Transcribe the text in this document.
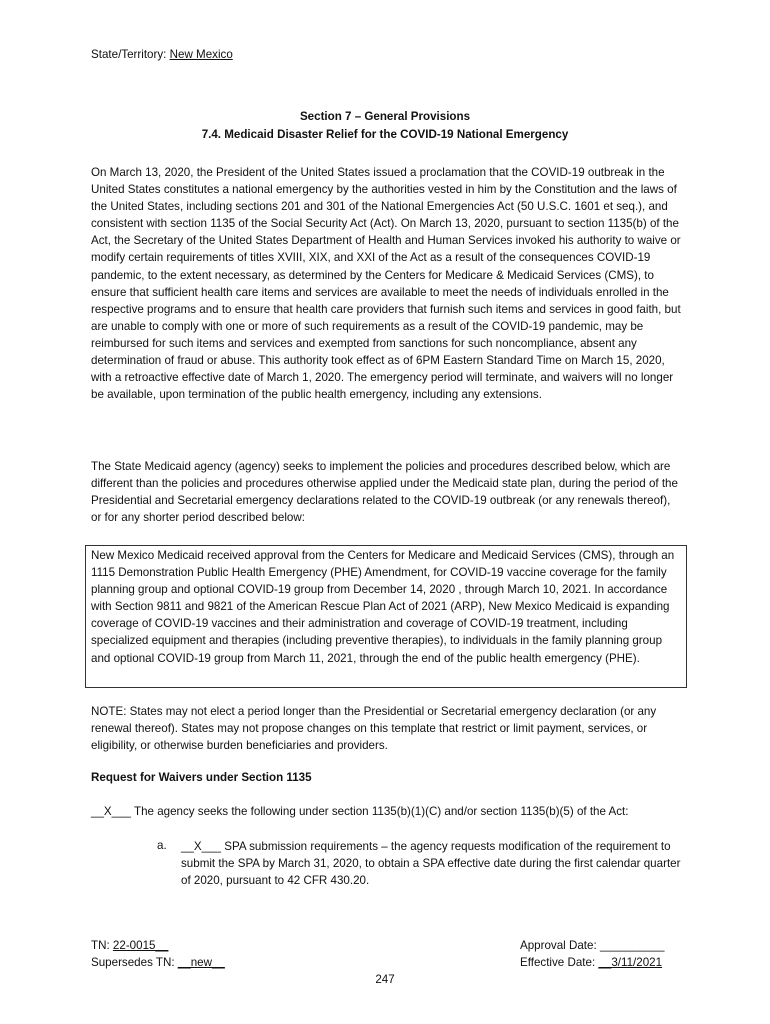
State/Territory: New Mexico
Section 7 – General Provisions
7.4. Medicaid Disaster Relief for the COVID-19 National Emergency
On March 13, 2020, the President of the United States issued a proclamation that the COVID-19 outbreak in the United States constitutes a national emergency by the authorities vested in him by the Constitution and the laws of the United States, including sections 201 and 301 of the National Emergencies Act (50 U.S.C. 1601 et seq.), and consistent with section 1135 of the Social Security Act (Act). On March 13, 2020, pursuant to section 1135(b) of the Act, the Secretary of the United States Department of Health and Human Services invoked his authority to waive or modify certain requirements of titles XVIII, XIX, and XXI of the Act as a result of the consequences COVID-19 pandemic, to the extent necessary, as determined by the Centers for Medicare & Medicaid Services (CMS), to ensure that sufficient health care items and services are available to meet the needs of individuals enrolled in the respective programs and to ensure that health care providers that furnish such items and services in good faith, but are unable to comply with one or more of such requirements as a result of the COVID-19 pandemic, may be reimbursed for such items and services and exempted from sanctions for such noncompliance, absent any determination of fraud or abuse. This authority took effect as of 6PM Eastern Standard Time on March 15, 2020, with a retroactive effective date of March 1, 2020. The emergency period will terminate, and waivers will no longer be available, upon termination of the public health emergency, including any extensions.
The State Medicaid agency (agency) seeks to implement the policies and procedures described below, which are different than the policies and procedures otherwise applied under the Medicaid state plan, during the period of the Presidential and Secretarial emergency declarations related to the COVID-19 outbreak (or any renewals thereof), or for any shorter period described below:
New Mexico Medicaid received approval from the Centers for Medicare and Medicaid Services (CMS), through an 1115 Demonstration Public Health Emergency (PHE) Amendment, for COVID-19 vaccine coverage for the family planning group and optional COVID-19 group from December 14, 2020 , through March 10, 2021. In accordance with Section 9811 and 9821 of the American Rescue Plan Act of 2021 (ARP), New Mexico Medicaid is expanding coverage of COVID-19 vaccines and their administration and coverage of COVID-19 treatment, including specialized equipment and therapies (including preventive therapies), to individuals in the family planning group and optional COVID-19 group from March 11, 2021, through the end of the public health emergency (PHE).
NOTE: States may not elect a period longer than the Presidential or Secretarial emergency declaration (or any renewal thereof). States may not propose changes on this template that restrict or limit payment, services, or eligibility, or otherwise burden beneficiaries and providers.
Request for Waivers under Section 1135
__X___ The agency seeks the following under section 1135(b)(1)(C) and/or section 1135(b)(5) of the Act:
a. __X___ SPA submission requirements – the agency requests modification of the requirement to submit the SPA by March 31, 2020, to obtain a SPA effective date during the first calendar quarter of 2020, pursuant to 42 CFR 430.20.
TN: 22-0015__
Supersedes TN: __new__
Approval Date: __________
Effective Date: __3/11/2021
247
